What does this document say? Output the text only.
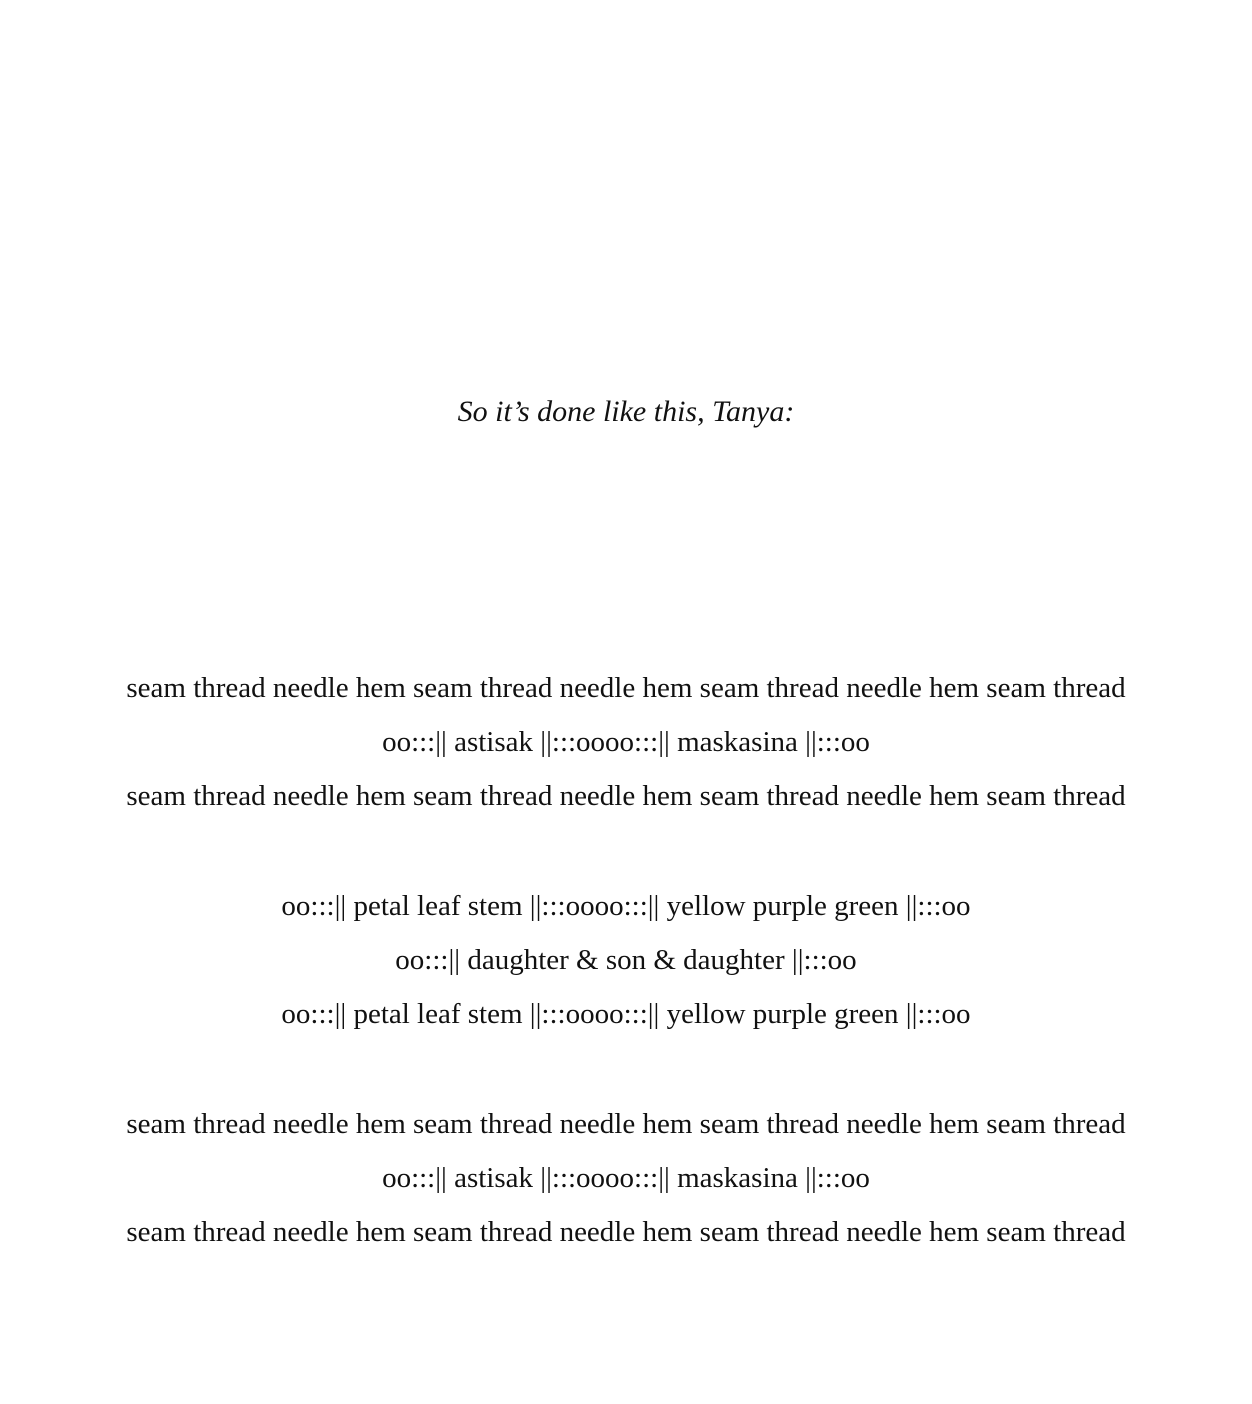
So it’s done like this, Tanya:
seam thread needle hem seam thread needle hem seam thread needle hem seam thread
oo:::|| astisak ||:::oooo:::|| maskasina ||:::oo
seam thread needle hem seam thread needle hem seam thread needle hem seam thread
oo:::|| petal leaf stem ||:::oooo:::|| yellow purple green ||:::oo
oo:::|| daughter & son & daughter ||:::oo
oo:::|| petal leaf stem ||:::oooo:::|| yellow purple green ||:::oo
seam thread needle hem seam thread needle hem seam thread needle hem seam thread
oo:::|| astisak ||:::oooo:::|| maskasina ||:::oo
seam thread needle hem seam thread needle hem seam thread needle hem seam thread
